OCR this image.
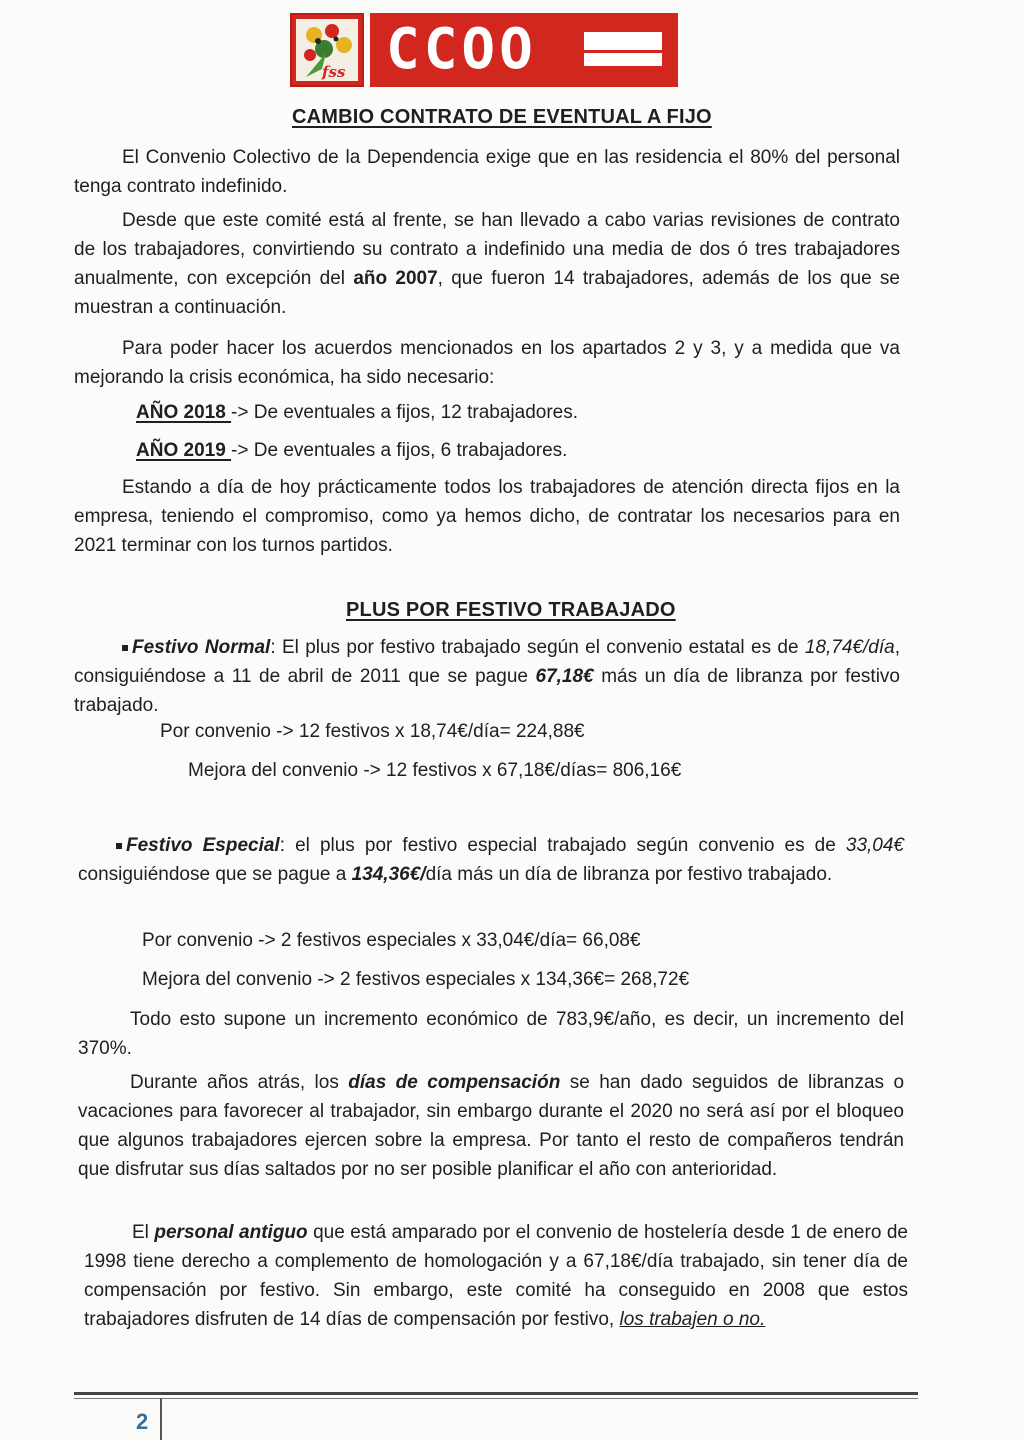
fss CCOO
CAMBIO CONTRATO DE EVENTUAL A FIJO

El Convenio Colectivo de la Dependencia exige que en las residencia el 80% del personal tenga contrato indefinido.

Desde que este comité está al frente, se han llevado a cabo varias revisiones de contrato de los trabajadores, convirtiendo su contrato a indefinido una media de dos ó tres trabajadores anualmente, con excepción del año 2007, que fueron 14 trabajadores, además de los que se muestran a continuación.

Para poder hacer los acuerdos mencionados en los apartados 2 y 3, y a medida que va mejorando la crisis económica, ha sido necesario:

AÑO 2018 -> De eventuales a fijos, 12 trabajadores.
AÑO 2019 -> De eventuales a fijos, 6 trabajadores.

Estando a día de hoy prácticamente todos los trabajadores de atención directa fijos en la empresa, teniendo el compromiso, como ya hemos dicho, de contratar los necesarios para en 2021 terminar con los turnos partidos.

PLUS POR FESTIVO TRABAJADO

Festivo Normal: El plus por festivo trabajado según el convenio estatal es de 18,74€/día, consiguiéndose a 11 de abril de 2011 que se pague 67,18€ más un día de libranza por festivo trabajado.

Por convenio -> 12 festivos x 18,74€/día= 224,88€
Mejora del convenio -> 12 festivos x 67,18€/días= 806,16€

Festivo Especial: el plus por festivo especial trabajado según convenio es de 33,04€ consiguiéndose que se pague a 134,36€/día más un día de libranza por festivo trabajado.

Por convenio -> 2 festivos especiales x 33,04€/día= 66,08€
Mejora del convenio -> 2 festivos especiales x 134,36€= 268,72€

Todo esto supone un incremento económico de 783,9€/año, es decir, un incremento del 370%.

Durante años atrás, los días de compensación se han dado seguidos de libranzas o vacaciones para favorecer al trabajador, sin embargo durante el 2020 no será así por el bloqueo que algunos trabajadores ejercen sobre la empresa. Por tanto el resto de compañeros tendrán que disfrutar sus días saltados por no ser posible planificar el año con anterioridad.

El personal antiguo que está amparado por el convenio de hostelería desde 1 de enero de 1998 tiene derecho a complemento de homologación y a 67,18€/día trabajado, sin tener día de compensación por festivo. Sin embargo, este comité ha conseguido en 2008 que estos trabajadores disfruten de 14 días de compensación por festivo, los trabajen o no.

2
